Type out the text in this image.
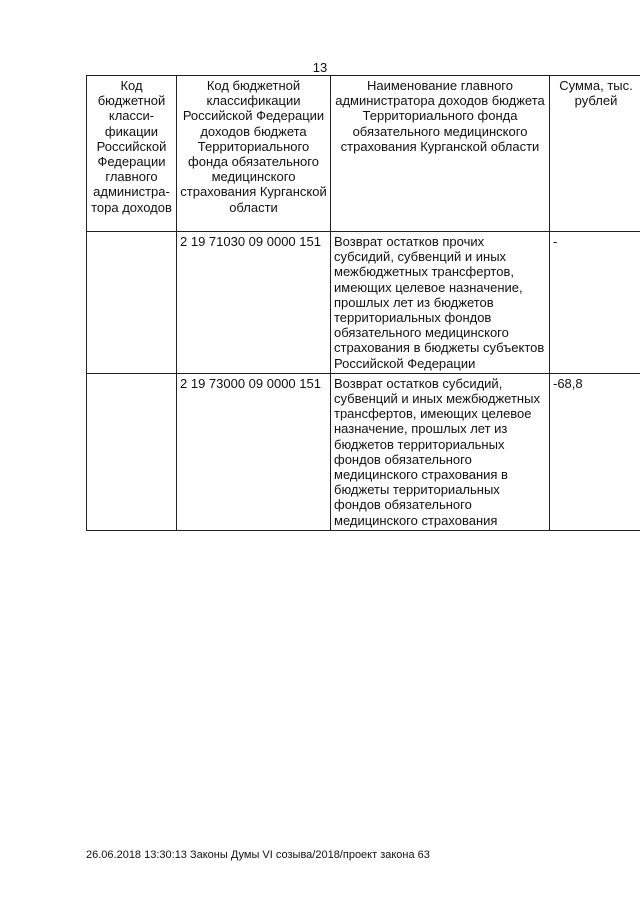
13
Код бюджетной класси-фикации Российской Федерации главного администра-тора доходов	Код бюджетной классификации Российской Федерации доходов бюджета Территориального фонда обязательного медицинского страхования Курганской области	Наименование главного администратора доходов бюджета Территориального фонда обязательного медицинского страхования Курганской области	Сумма, тыс. рублей
	2 19 71030 09 0000 151	Возврат остатков прочих субсидий, субвенций и иных межбюджетных трансфертов, имеющих целевое назначение, прошлых лет из бюджетов территориальных фондов обязательного медицинского страхования в бюджеты субъектов Российской Федерации	-
	2 19 73000 09 0000 151	Возврат остатков субсидий, субвенций и иных межбюджетных трансфертов, имеющих целевое назначение, прошлых лет из бюджетов территориальных фондов обязательного медицинского страхования в бюджеты территориальных фондов обязательного медицинского страхования	-68,8
26.06.2018 13:30:13 Законы Думы VI созыва/2018/проект закона 63
